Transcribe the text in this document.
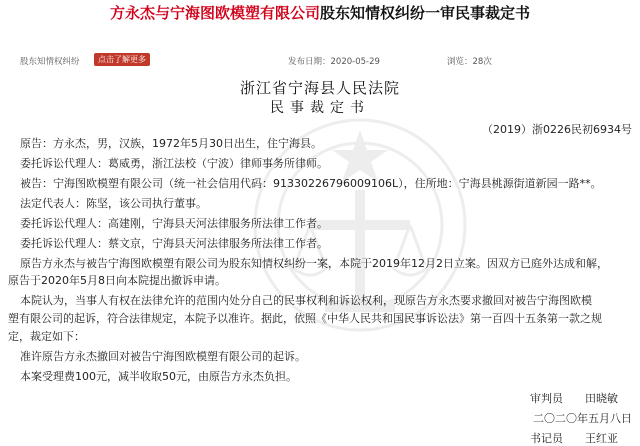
方永杰与宁海图欧模塑有限公司股东知情权纠纷一审民事裁定书
股东知情权纠纷	点击了解更多	发布日期：2020-05-29	浏览：28次
浙江省宁海县人民法院
民事裁定书
（2019）浙0226民初6934号
原告：方永杰，男，汉族，1972年5月30日出生，住宁海县。
委托诉讼代理人：葛威勇，浙江法校（宁波）律师事务所律师。
被告：宁海图欧模塑有限公司（统一社会信用代码：91330226796009106L），住所地：宁海县桃源街道新园一路**。
法定代表人：陈坚，该公司执行董事。
委托诉讼代理人：高建刚，宁海县天河法律服务所法律工作者。
委托诉讼代理人：蔡文京，宁海县天河法律服务所法律工作者。
原告方永杰与被告宁海图欧模塑有限公司为股东知情权纠纷一案，本院于2019年12月2日立案。因双方已庭外达成和解，
原告于2020年5月8日向本院提出撤诉申请。
本院认为，当事人有权在法律允许的范围内处分自己的民事权利和诉讼权利，现原告方永杰要求撤回对被告宁海图欧模
塑有限公司的起诉，符合法律规定，本院予以准许。据此，依照《中华人民共和国民事诉讼法》第一百四十五条第一款之规
定，裁定如下：
准许原告方永杰撤回对被告宁海图欧模塑有限公司的起诉。
本案受理费100元，减半收取50元，由原告方永杰负担。
审判员　　田晓敏
二〇二〇年五月八日
书记员　　王红亚
